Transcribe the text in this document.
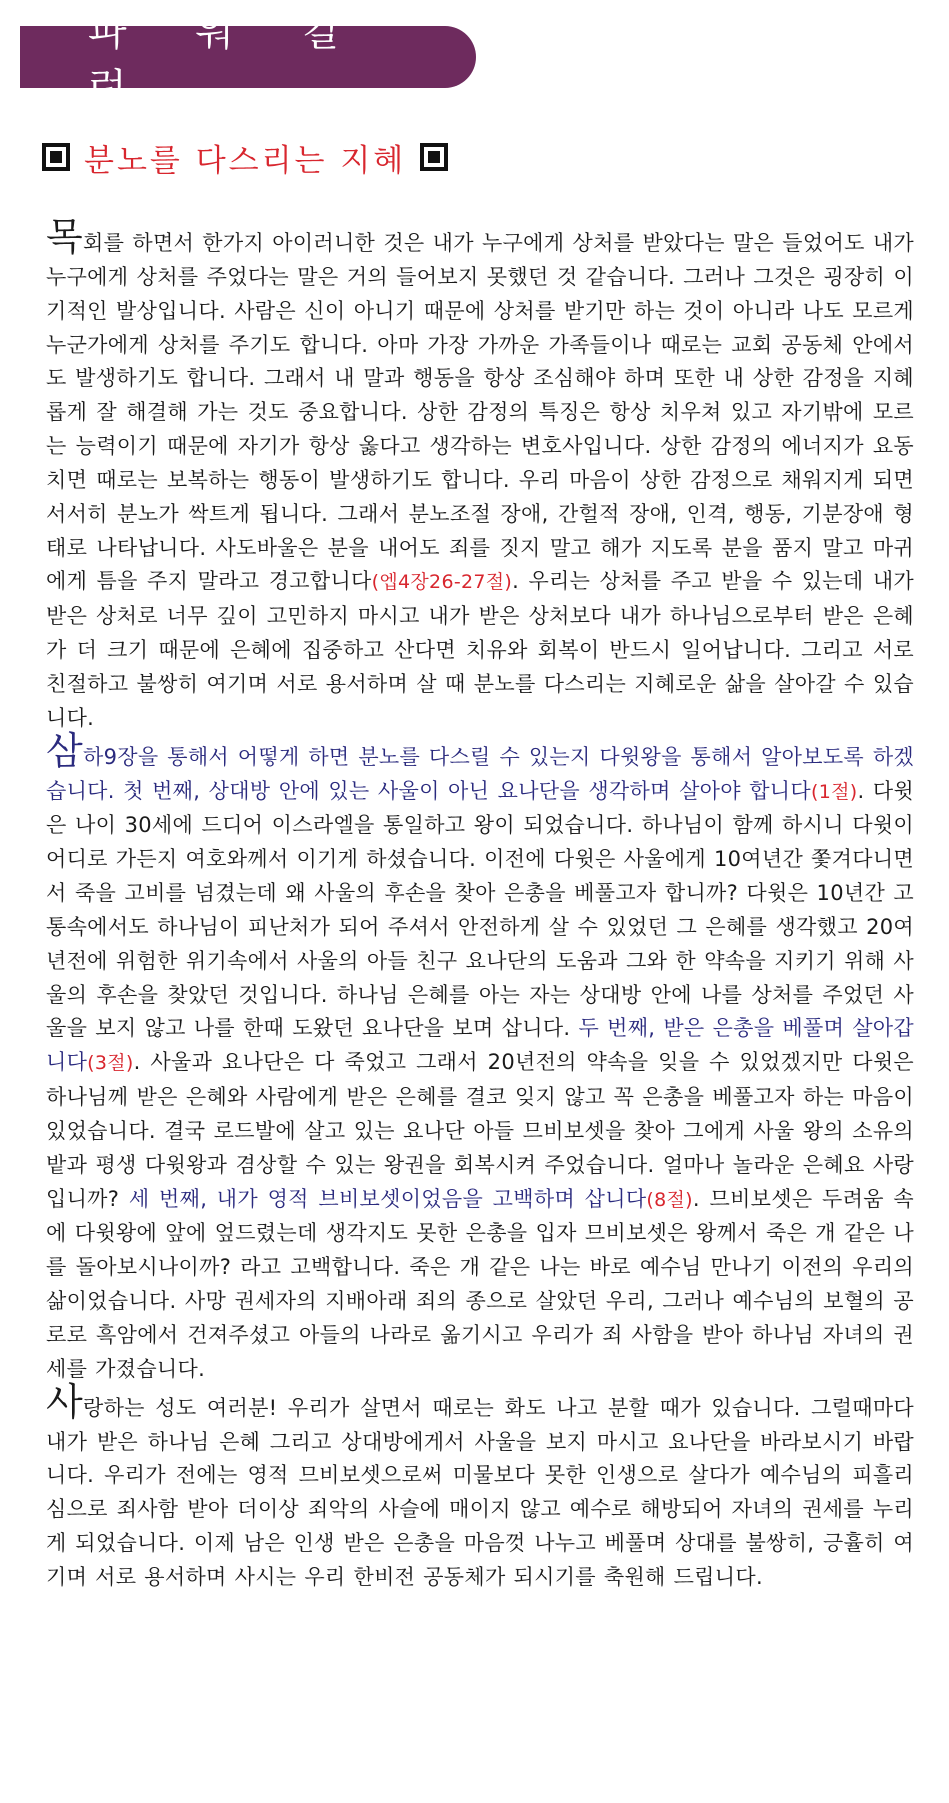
파 워 칼 럼
분노를 다스리는 지혜

목회를 하면서 한가지 아이러니한 것은 내가 누구에게 상처를 받았다는 말은 들었어도 내가 누구에게 상처를 주었다는 말은 거의 들어보지 못했던 것 같습니다. 그러나 그것은 굉장히 이기적인 발상입니다. 사람은 신이 아니기 때문에 상처를 받기만 하는 것이 아니라 나도 모르게 누군가에게 상처를 주기도 합니다. 아마 가장 가까운 가족들이나 때로는 교회 공동체 안에서도 발생하기도 합니다. 그래서 내 말과 행동을 항상 조심해야 하며 또한 내 상한 감정을 지혜롭게 잘 해결해 가는 것도 중요합니다. 상한 감정의 특징은 항상 치우쳐 있고 자기밖에 모르는 능력이기 때문에 자기가 항상 옳다고 생각하는 변호사입니다. 상한 감정의 에너지가 요동치면 때로는 보복하는 행동이 발생하기도 합니다. 우리 마음이 상한 감정으로 채워지게 되면 서서히 분노가 싹트게 됩니다. 그래서 분노조절 장애, 간헐적 장애, 인격, 행동, 기분장애 형태로 나타납니다. 사도바울은 분을 내어도 죄를 짓지 말고 해가 지도록 분을 품지 말고 마귀에게 틈을 주지 말라고 경고합니다(엡4장26-27절). 우리는 상처를 주고 받을 수 있는데 내가 받은 상처로 너무 깊이 고민하지 마시고 내가 받은 상처보다 내가 하나님으로부터 받은 은혜가 더 크기 때문에 은혜에 집중하고 산다면 치유와 회복이 반드시 일어납니다. 그리고 서로 친절하고 불쌍히 여기며 서로 용서하며 살 때 분노를 다스리는 지혜로운 삶을 살아갈 수 있습니다.

삼하9장을 통해서 어떻게 하면 분노를 다스릴 수 있는지 다윗왕을 통해서 알아보도록 하겠습니다. 첫 번째, 상대방 안에 있는 사울이 아닌 요나단을 생각하며 살아야 합니다(1절). 다윗은 나이 30세에 드디어 이스라엘을 통일하고 왕이 되었습니다. 하나님이 함께 하시니 다윗이 어디로 가든지 여호와께서 이기게 하셨습니다. 이전에 다윗은 사울에게 10여년간 쫓겨다니면서 죽을 고비를 넘겼는데 왜 사울의 후손을 찾아 은총을 베풀고자 합니까? 다윗은 10년간 고통속에서도 하나님이 피난처가 되어 주셔서 안전하게 살 수 있었던 그 은혜를 생각했고 20여년전에 위험한 위기속에서 사울의 아들 친구 요나단의 도움과 그와 한 약속을 지키기 위해 사울의 후손을 찾았던 것입니다. 하나님 은혜를 아는 자는 상대방 안에 나를 상처를 주었던 사울을 보지 않고 나를 한때 도왔던 요나단을 보며 삽니다. 두 번째, 받은 은총을 베풀며 살아갑니다(3절). 사울과 요나단은 다 죽었고 그래서 20년전의 약속을 잊을 수 있었겠지만 다윗은 하나님께 받은 은혜와 사람에게 받은 은혜를 결코 잊지 않고 꼭 은총을 베풀고자 하는 마음이 있었습니다. 결국 로드발에 살고 있는 요나단 아들 므비보셋을 찾아 그에게 사울 왕의 소유의 밭과 평생 다윗왕과 겸상할 수 있는 왕권을 회복시켜 주었습니다. 얼마나 놀라운 은혜요 사랑입니까? 세 번째, 내가 영적 브비보셋이었음을 고백하며 삽니다(8절). 므비보셋은 두려움 속에 다윗왕에 앞에 엎드렸는데 생각지도 못한 은총을 입자 므비보셋은 왕께서 죽은 개 같은 나를 돌아보시나이까? 라고 고백합니다. 죽은 개 같은 나는 바로 예수님 만나기 이전의 우리의 삶이었습니다. 사망 권세자의 지배아래 죄의 종으로 살았던 우리, 그러나 예수님의 보혈의 공로로 흑암에서 건져주셨고 아들의 나라로 옮기시고 우리가 죄 사함을 받아 하나님 자녀의 권세를 가졌습니다.

사랑하는 성도 여러분! 우리가 살면서 때로는 화도 나고 분할 때가 있습니다. 그럴때마다 내가 받은 하나님 은혜 그리고 상대방에게서 사울을 보지 마시고 요나단을 바라보시기 바랍니다. 우리가 전에는 영적 므비보셋으로써 미물보다 못한 인생으로 살다가 예수님의 피흘리심으로 죄사함 받아 더이상 죄악의 사슬에 매이지 않고 예수로 해방되어 자녀의 권세를 누리게 되었습니다. 이제 남은 인생 받은 은총을 마음껏 나누고 베풀며 상대를 불쌍히, 긍휼히 여기며 서로 용서하며 사시는 우리 한비전 공동체가 되시기를 축원해 드립니다.
